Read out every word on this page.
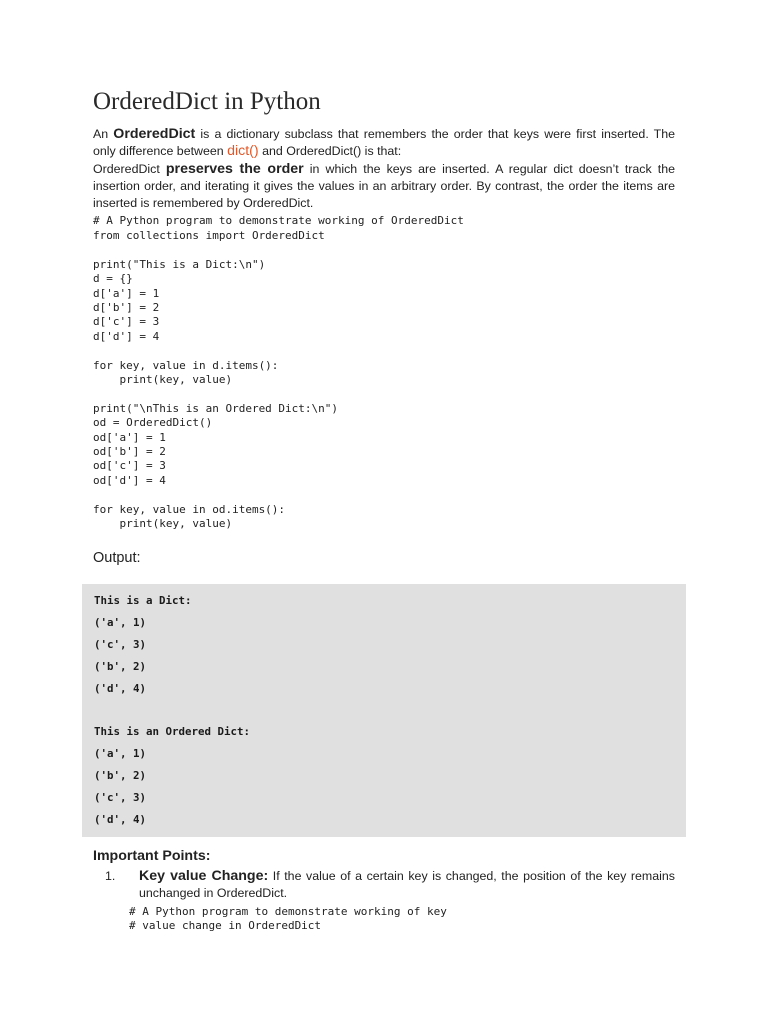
OrderedDict in Python

An OrderedDict is a dictionary subclass that remembers the order that keys were first inserted. The only difference between dict() and OrderedDict() is that:

OrderedDict preserves the order in which the keys are inserted. A regular dict doesn’t track the insertion order, and iterating it gives the values in an arbitrary order. By contrast, the order the items are inserted is remembered by OrderedDict.

# A Python program to demonstrate working of OrderedDict
from collections import OrderedDict

print("This is a Dict:\n")
d = {}
d['a'] = 1
d['b'] = 2
d['c'] = 3
d['d'] = 4

for key, value in d.items():
print(key, value)

print("\nThis is an Ordered Dict:\n")
od = OrderedDict()
od['a'] = 1
od['b'] = 2
od['c'] = 3
od['d'] = 4

for key, value in od.items():
print(key, value)
Output:
This is a Dict:
('a', 1)
('c', 3)
('b', 2)
('d', 4)
This is an Ordered Dict:
('a', 1)
('b', 2)
('c', 3)
('d', 4)
Important Points:
1. Key value Change: If the value of a certain key is changed, the position of the key remains unchanged in OrderedDict.
# A Python program to demonstrate working of key
# value change in OrderedDict
